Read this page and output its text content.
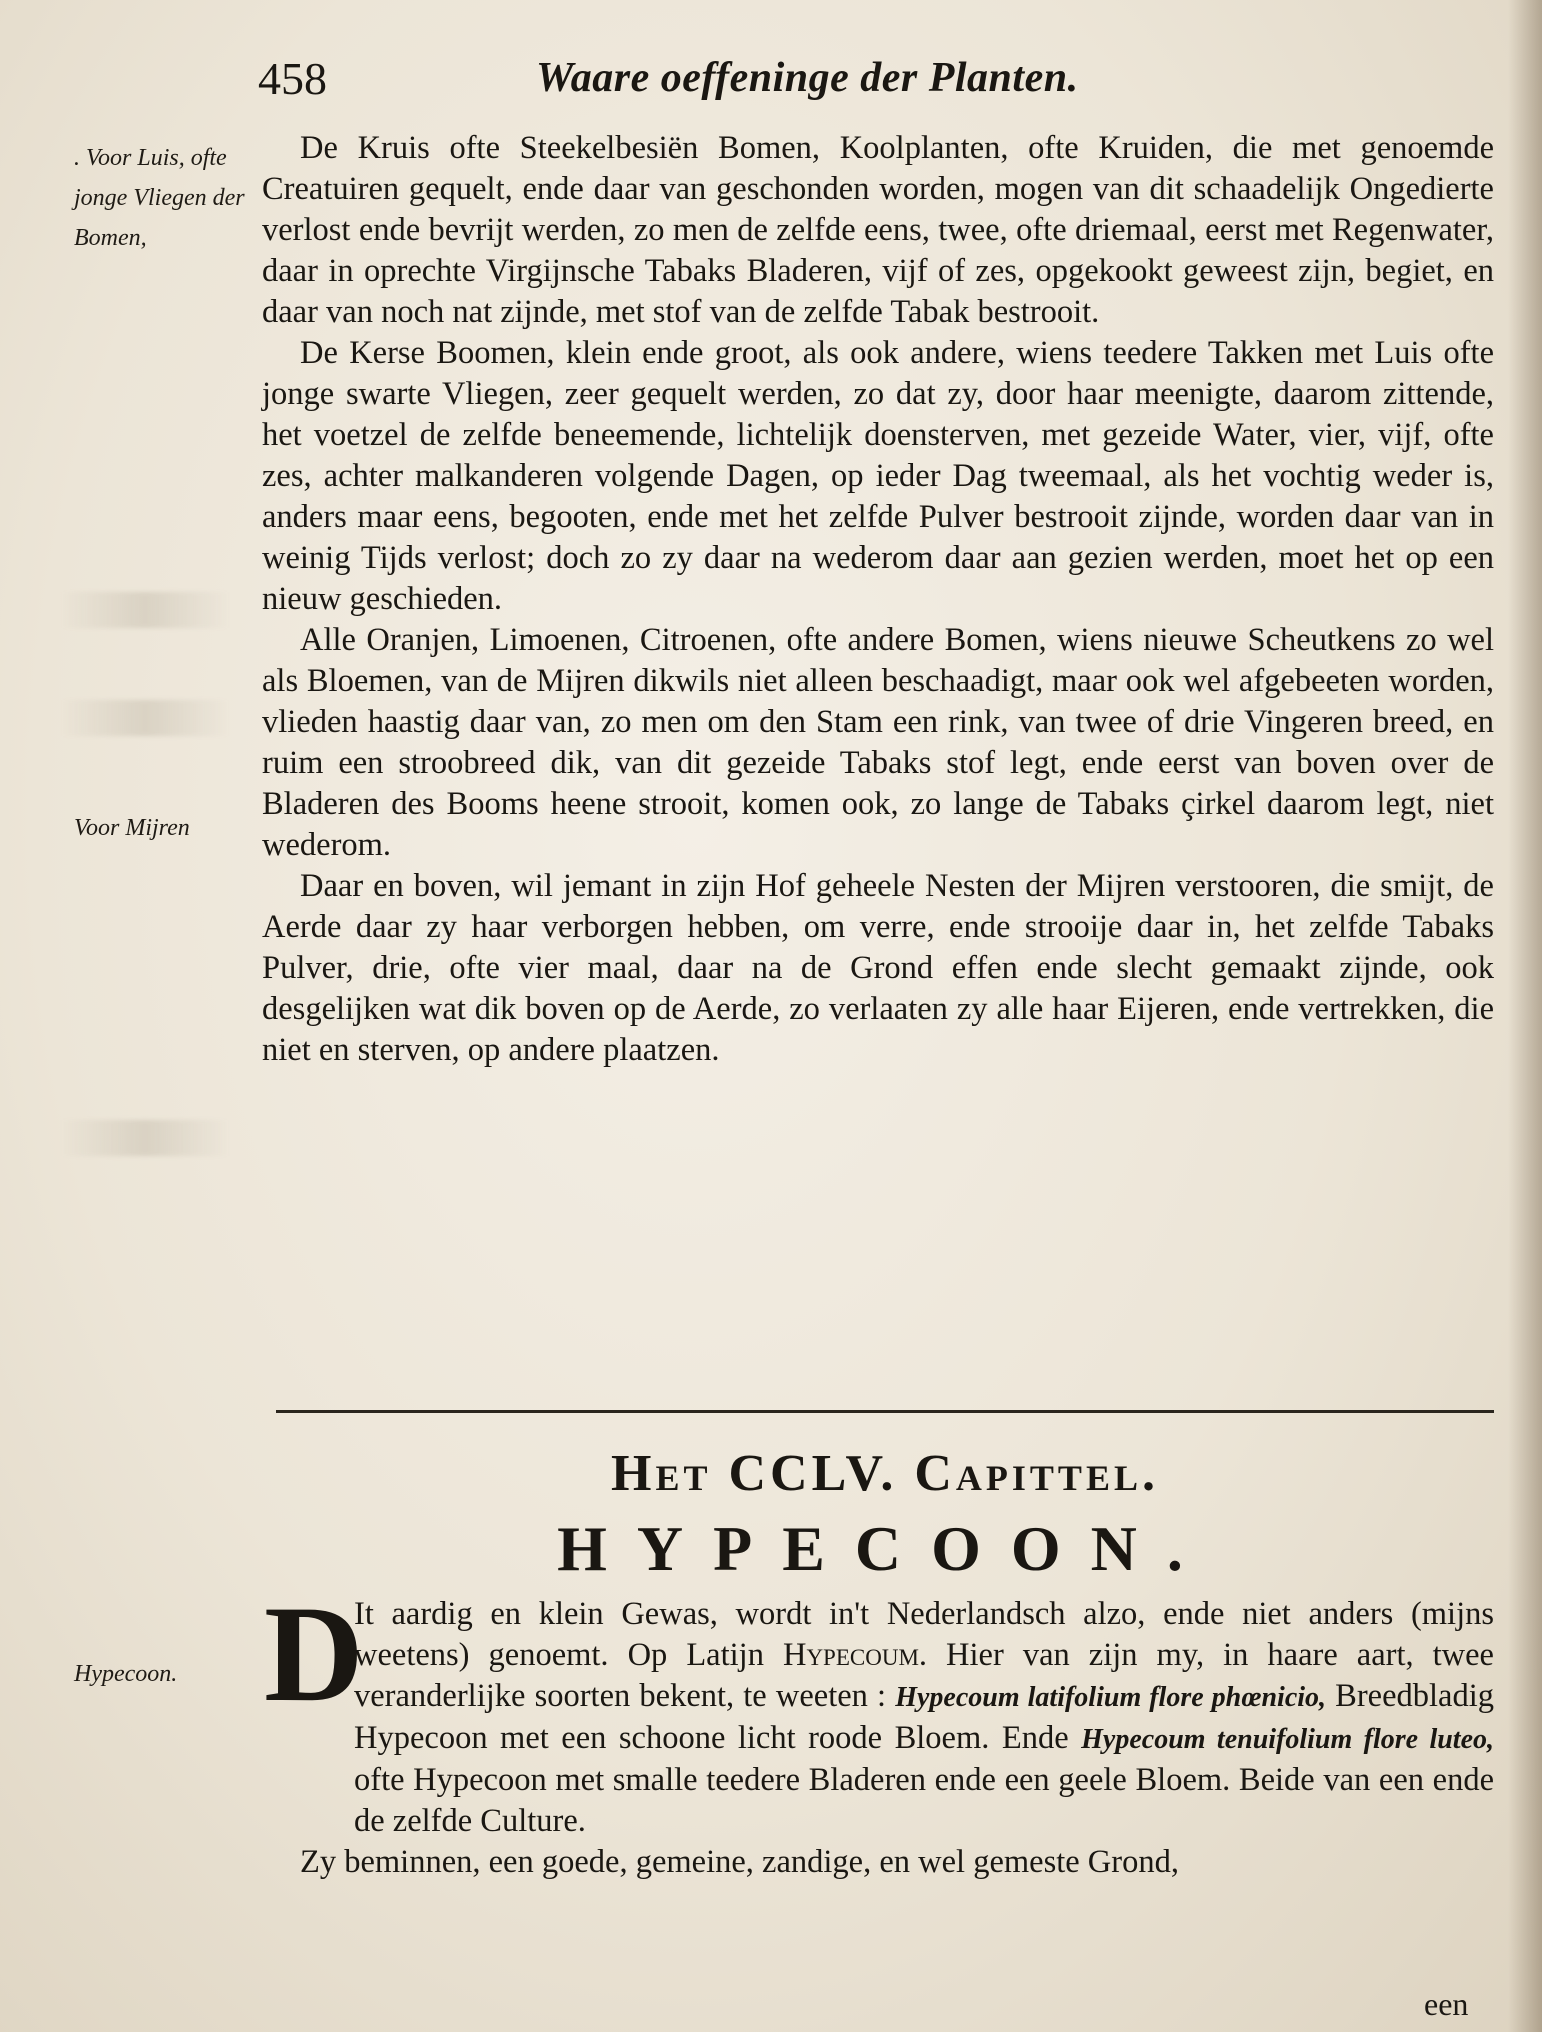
458	Waare oeffeninge der Planten.
. Voor Luis, ofte jonge Vliegen der Bomen,
Voor Mijren

De Kruis ofte Steekelbesiën Bomen, Koolplanten, ofte Kruiden, die met genoemde Creatuiren gequelt, ende daar van geschonden worden, mogen van dit schaadelijk Ongedierte verlost ende bevrijt werden, zo men de zelfde eens, twee, ofte driemaal, eerst met Regenwater, daar in oprechte Virgijnsche Tabaks Bladeren, vijf of zes, opgekookt geweest zijn, begiet, en daar van noch nat zijnde, met stof van de zelfde Tabak bestrooit.

De Kerse Boomen, klein ende groot, als ook andere, wiens teedere Takken met Luis ofte jonge swarte Vliegen, zeer gequelt werden, zo dat zy, door haar meenigte, daarom zittende, het voetzel de zelfde beneemende, lichtelijk doensterven, met gezeide Water, vier, vijf, ofte zes, achter malkanderen volgende Dagen, op ieder Dag tweemaal, als het vochtig weder is, anders maar eens, begooten, ende met het zelfde Pulver bestrooit zijnde, worden daar van in weinig Tijds verlost; doch zo zy daar na wederom daar aan gezien werden, moet het op een nieuw geschieden.

Alle Oranjen, Limoenen, Citroenen, ofte andere Bomen, wiens nieuwe Scheutkens zo wel als Bloemen, van de Mijren dikwils niet alleen beschaadigt, maar ook wel afgebeeten worden, vlieden haastig daar van, zo men om den Stam een rink, van twee of drie Vingeren breed, en ruim een stroobreed dik, van dit gezeide Tabaks stof legt, ende eerst van boven over de Bladeren des Booms heene strooit, komen ook, zo lange de Tabaks çirkel daarom legt, niet wederom.

Daar en boven, wil jemant in zijn Hof geheele Nesten der Mijren verstooren, die smijt, de Aerde daar zy haar verborgen hebben, om verre, ende strooije daar in, het zelfde Tabaks Pulver, drie, ofte vier maal, daar na de Grond effen ende slecht gemaakt zijnde, ook desgelijken wat dik boven op de Aerde, zo verlaaten zy alle haar Eijeren, ende vertrekken, die niet en sterven, op andere plaatzen.

Het CCLV. Capittel.
HYPECOON.
Hypecoon. D

It aardig en klein Gewas, wordt in't Nederlandsch alzo, ende niet anders (mijns weetens) genoemt. Op Latijn Hypecoum. Hier van zijn my, in haare aart, twee veranderlijke soorten bekent, te weeten : Hypecoum latifolium flore phœnicio, Breedbladig Hypecoon met een schoone licht roode Bloem. Ende Hypecoum tenuifolium flore luteo, ofte Hypecoon met smalle teedere Bladeren ende een geele Bloem. Beide van een ende de zelfde Culture.

Zy beminnen, een goede, gemeine, zandige, en wel gemeste Grond,

een
